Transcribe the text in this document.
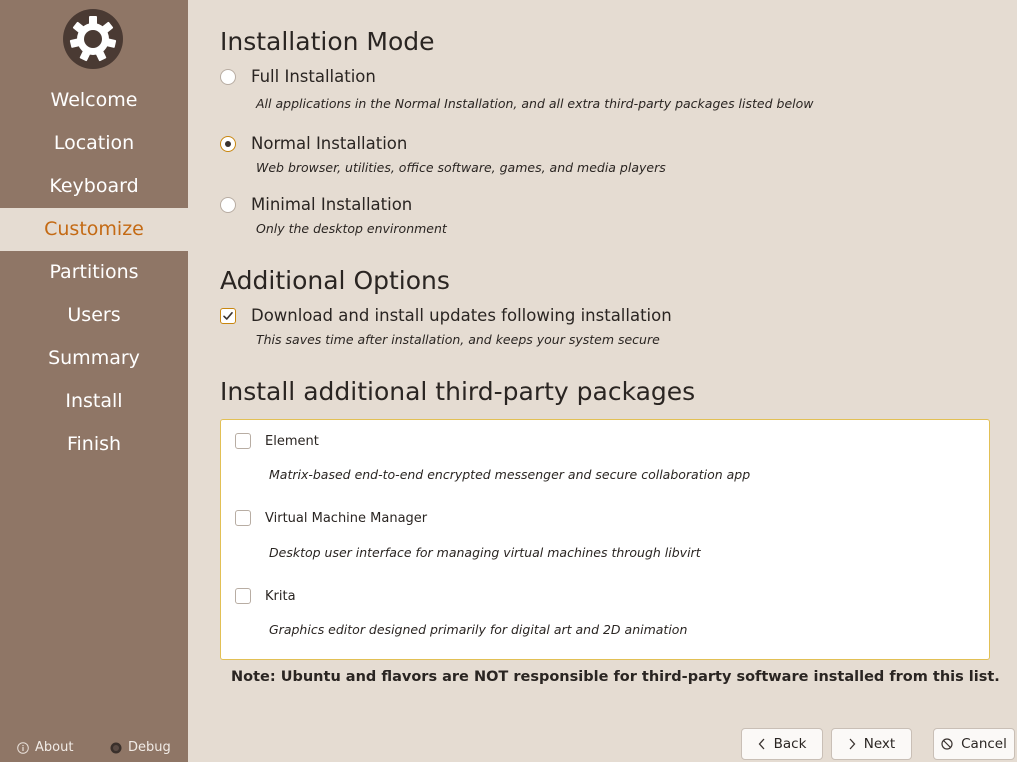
Welcome
Location
Keyboard
Customize
Partitions
Users
Summary
Install
Finish
About	Debug
Installation Mode
Full Installation
All applications in the Normal Installation, and all extra third-party packages listed below
Normal Installation
Web browser, utilities, office software, games, and media players
Minimal Installation
Only the desktop environment
Additional Options
Download and install updates following installation
This saves time after installation, and keeps your system secure
Install additional third-party packages
Element
Matrix-based end-to-end encrypted messenger and secure collaboration app
Virtual Machine Manager
Desktop user interface for managing virtual machines through libvirt
Krita
Graphics editor designed primarily for digital art and 2D animation
Note: Ubuntu and flavors are NOT responsible for third-party software installed from this list.
Back	Next	Cancel
